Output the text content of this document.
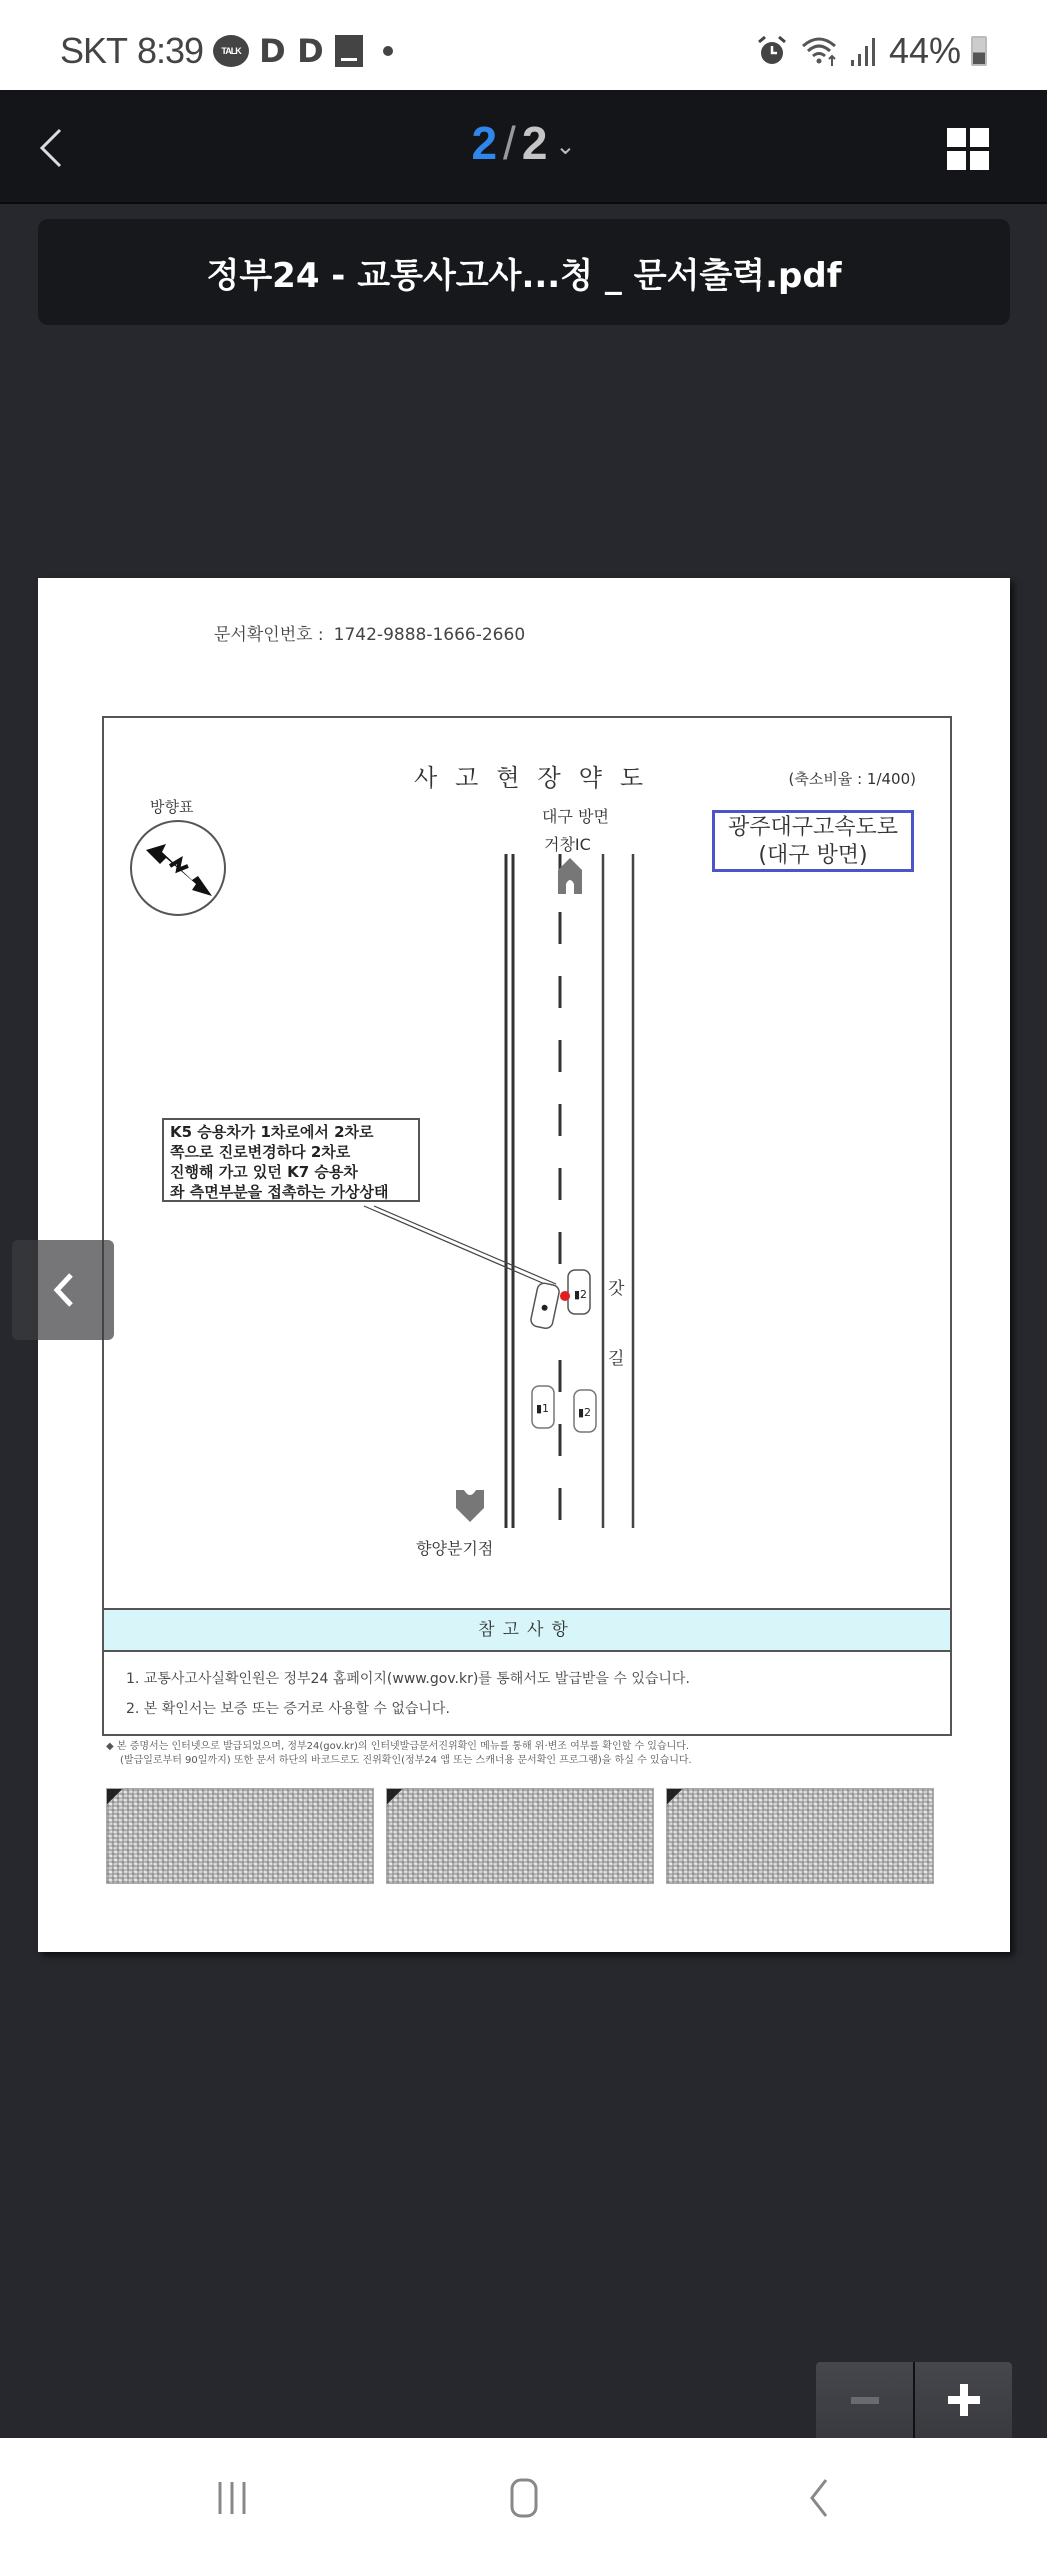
SKT 8:39	TALK D D	44%
2 / 2 ⌄
정부24 - 교통사고사...청 _ 문서출력.pdf
문서확인번호 : 1742-9888-1666-2660
사고현장약도	(축소비율 : 1/400)
방향표	대구 방면
거창IC
광주대구고속도로
(대구 방면)
▮2
▮1	▮2
K5 승용차가 1차로에서 2차로
쪽으로 진로변경하다 2차로
진행해 가고 있던 K7 승용차
좌 측면부분을 접촉하는 가상상태
갓
길
향양분기점
참고사항
1. 교통사고사실확인원은 정부24 홈페이지(www.gov.kr)를 통해서도 발급받을 수 있습니다.
2. 본 확인서는 보증 또는 증거로 사용할 수 없습니다.
◆ 본 증명서는 인터넷으로 발급되었으며, 정부24(gov.kr)의 인터넷발급문서진위확인 메뉴를 통해 위·변조 여부를 확인할 수 있습니다.
(발급일로부터 90일까지) 또한 문서 하단의 바코드로도 진위확인(정부24 앱 또는 스캐너용 문서확인 프로그램)을 하실 수 있습니다.
